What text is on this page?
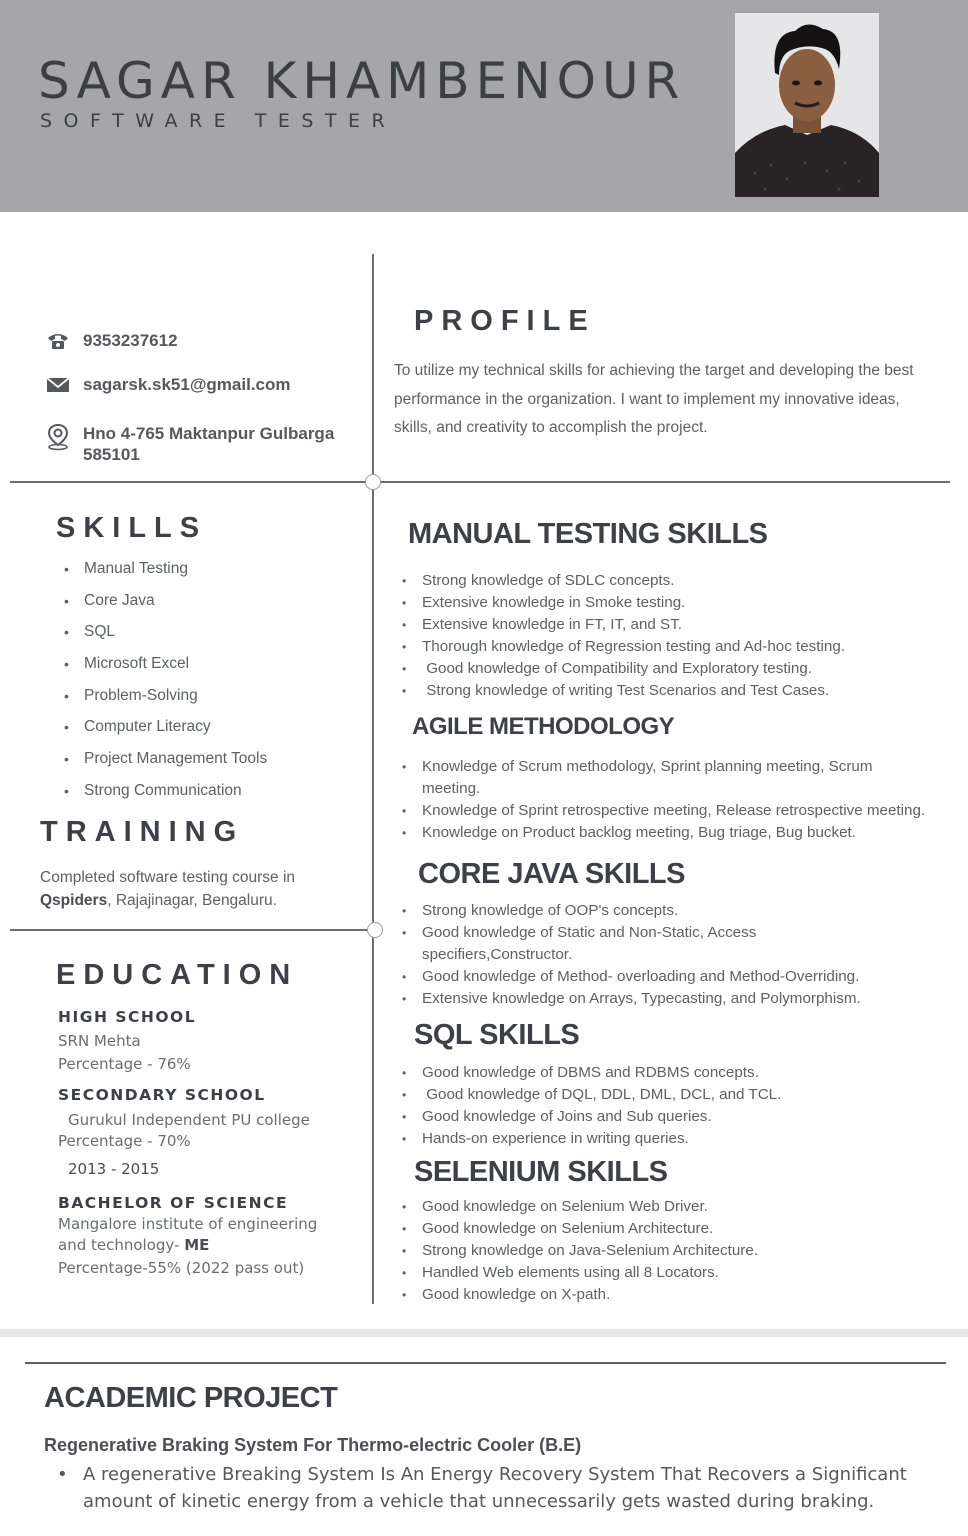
SAGAR KHAMBENOUR
SOFTWARE TESTER
9353237612
sagarsk.sk51@gmail.com
Hno 4-765 Maktanpur Gulbarga
585101
PROFILE
To utilize my technical skills for achieving the target and developing the best performance in the organization. I want to implement my innovative ideas, skills, and creativity to accomplish the project.
SKILLS
• Manual Testing
• Core Java
• SQL
• Microsoft Excel
• Problem-Solving
• Computer Literacy
• Project Management Tools
• Strong Communication
TRAINING
Completed software testing course in Qspiders, Rajajinagar, Bengaluru.
EDUCATION
HIGH SCHOOL
SRN Mehta
Percentage - 76%
SECONDARY SCHOOL
Gurukul Independent PU college
Percentage - 70%
2013 - 2015
BACHELOR OF SCIENCE
Mangalore institute of engineering
and technology- ME
Percentage-55% (2022 pass out)
MANUAL TESTING SKILLS
• Strong knowledge of SDLC concepts.
• Extensive knowledge in Smoke testing.
• Extensive knowledge in FT, IT, and ST.
• Thorough knowledge of Regression testing and Ad-hoc testing.
•  Good knowledge of Compatibility and Exploratory testing.
•  Strong knowledge of writing Test Scenarios and Test Cases.
AGILE METHODOLOGY
• Knowledge of Scrum methodology, Sprint planning meeting, Scrum meeting.
• Knowledge of Sprint retrospective meeting, Release retrospective meeting.
• Knowledge on Product backlog meeting, Bug triage, Bug bucket.
CORE JAVA SKILLS
• Strong knowledge of OOP's concepts.
• Good knowledge of Static and Non-Static, Access specifiers,Constructor.
• Good knowledge of Method- overloading and Method-Overriding.
• Extensive knowledge on Arrays, Typecasting, and Polymorphism.
SQL SKILLS
• Good knowledge of DBMS and RDBMS concepts.
•  Good knowledge of DQL, DDL, DML, DCL, and TCL.
• Good knowledge of Joins and Sub queries.
• Hands-on experience in writing queries.
SELENIUM SKILLS
• Good knowledge on Selenium Web Driver.
• Good knowledge on Selenium Architecture.
• Strong knowledge on Java-Selenium Architecture.
• Handled Web elements using all 8 Locators.
• Good knowledge on X-path.
ACADEMIC PROJECT
Regenerative Braking System For Thermo-electric Cooler (B.E)
• A regenerative Breaking System Is An Energy Recovery System That Recovers a Significant amount of kinetic energy from a vehicle that unnecessarily gets wasted during braking.
